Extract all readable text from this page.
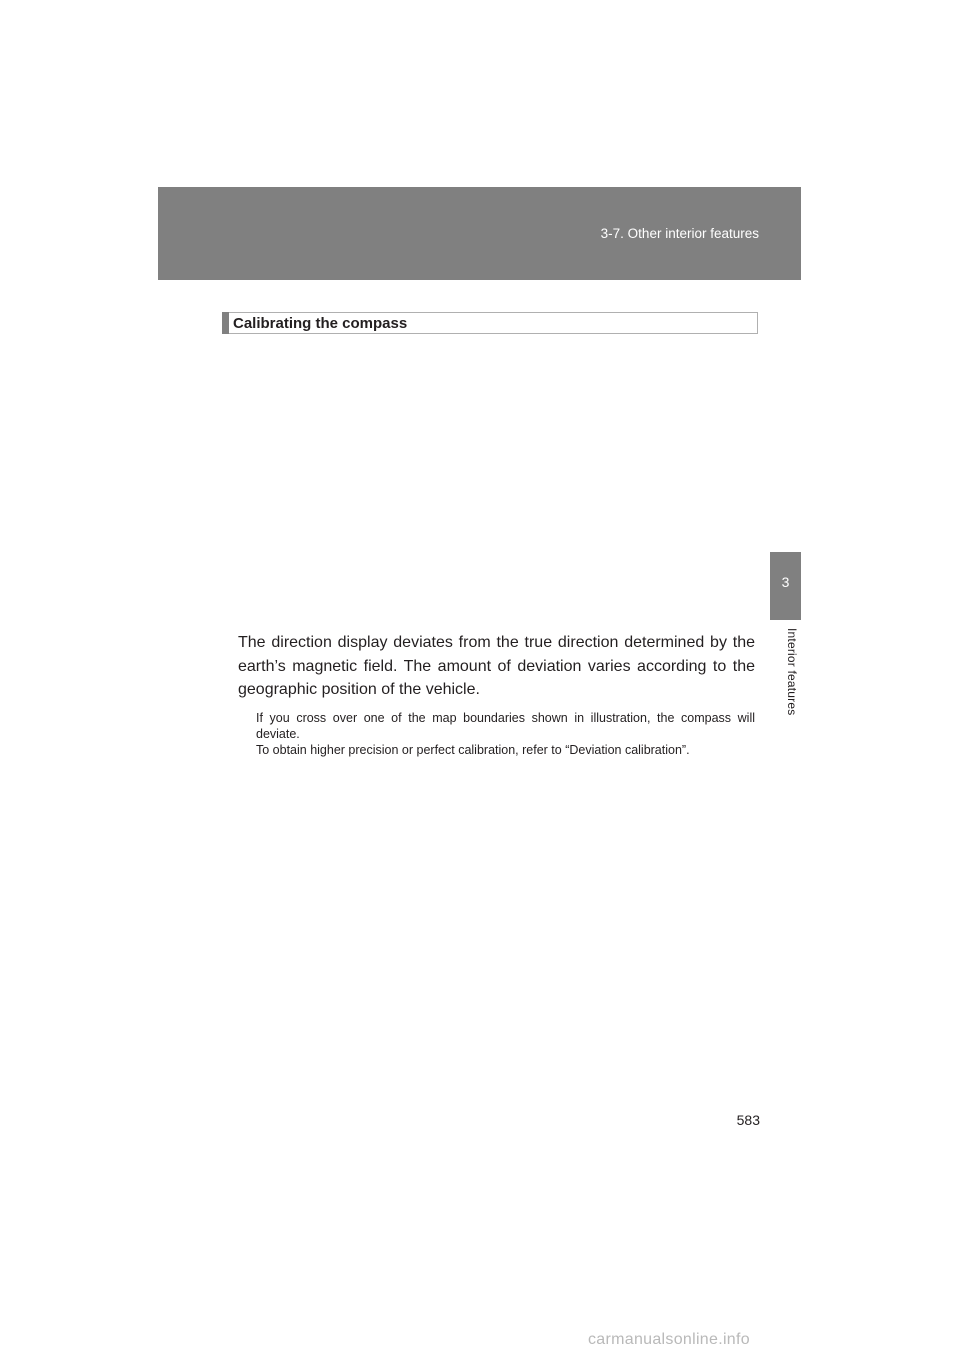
3-7. Other interior features
3
Interior features
Calibrating the compass

The direction display deviates from the true direction determined by the earth’s magnetic field. The amount of deviation varies according to the geographic position of the vehicle.

If you cross over one of the map boundaries shown in illustration, the compass will deviate.

To obtain higher precision or perfect calibration, refer to “Deviation calibration”.

583
carmanualsonline.info
